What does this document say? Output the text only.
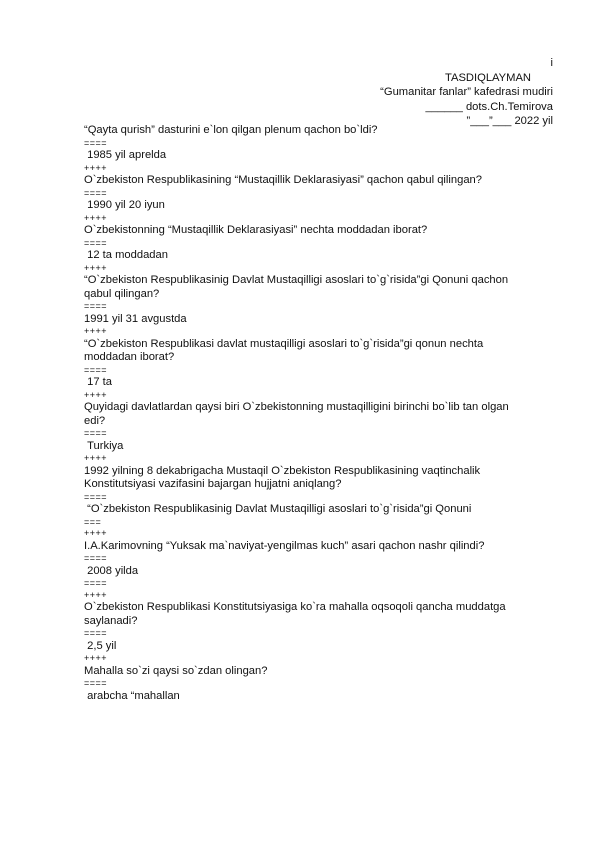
i
TASDIQLAYMAN
“Gumanitar fanlar” kafedrasi mudiri
______ dots.Ch.Temirova
”___”___ 2022 yil
“Qayta qurish” dasturini e`lon qilgan plenum qachon bo`ldi?
====
1985 yil aprelda
++++
O`zbekiston Respublikasining “Mustaqillik Deklarasiyasi” qachon qabul qilingan?
====
1990 yil 20 iyun
++++
O`zbekistonning “Mustaqillik Deklarasiyasi” nechta moddadan iborat?
====
12 ta moddadan
++++
“O`zbekiston Respublikasinig Davlat Mustaqilligi asoslari to`g`risida”gi Qonuni qachon
qabul qilingan?
====
1991 yil 31 avgustda
++++
“O`zbekiston Respublikasi davlat mustaqilligi asoslari to`g`risida”gi qonun nechta
moddadan iborat?
====
17 ta
++++
Quyidagi davlatlardan qaysi biri O`zbekistonning mustaqilligini birinchi bo`lib tan olgan
edi?
====
Turkiya
++++
1992 yilning 8 dekabrigacha Mustaqil O`zbekiston Respublikasining vaqtinchalik
Konstitutsiyasi vazifasini bajargan hujjatni aniqlang?
====
“O`zbekiston Respublikasinig Davlat Mustaqilligi asoslari to`g`risida”gi Qonuni
===
++++
I.A.Karimovning “Yuksak ma`naviyat-yengilmas kuch” asari qachon nashr qilindi?
====
2008 yilda
====
++++
O`zbekiston Respublikasi Konstitutsiyasiga ko`ra mahalla oqsoqoli qancha muddatga
saylanadi?
====
2,5 yil
++++
Mahalla so`zi qaysi so`zdan olingan?
====
arabcha “mahallan
